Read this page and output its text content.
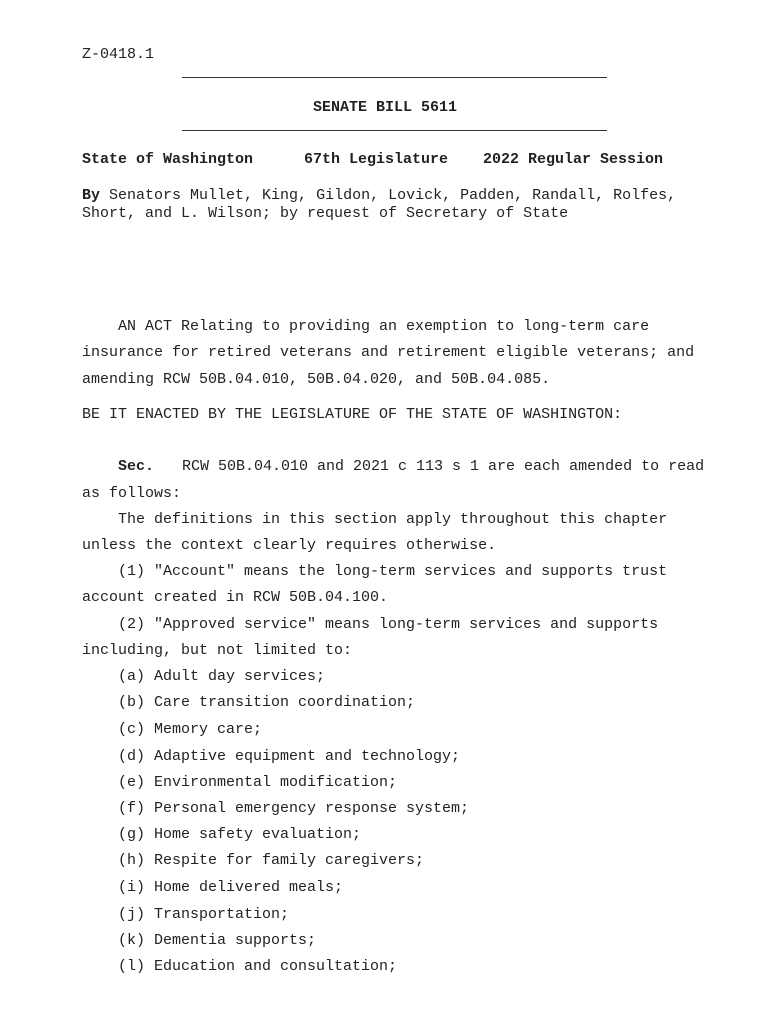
Z-0418.1
SENATE BILL 5611
State of Washington	67th Legislature 2022 Regular Session
By Senators Mullet, King, Gildon, Lovick, Padden, Randall, Rolfes,
Short, and L. Wilson; by request of Secretary of State
AN ACT Relating to providing an exemption to long-term care
insurance for retired veterans and retirement eligible veterans; and
amending RCW 50B.04.010, 50B.04.020, and 50B.04.085.
BE IT ENACTED BY THE LEGISLATURE OF THE STATE OF WASHINGTON:
Sec. RCW 50B.04.010 and 2021 c 113 s 1 are each amended to read
as follows:
The definitions in this section apply throughout this chapter
unless the context clearly requires otherwise.
(1) "Account" means the long-term services and supports trust
account created in RCW 50B.04.100.
(2) "Approved service" means long-term services and supports
including, but not limited to:
(a) Adult day services;
(b) Care transition coordination;
(c) Memory care;
(d) Adaptive equipment and technology;
(e) Environmental modification;
(f) Personal emergency response system;
(g) Home safety evaluation;
(h) Respite for family caregivers;
(i) Home delivered meals;
(j) Transportation;
(k) Dementia supports;
(l) Education and consultation;
